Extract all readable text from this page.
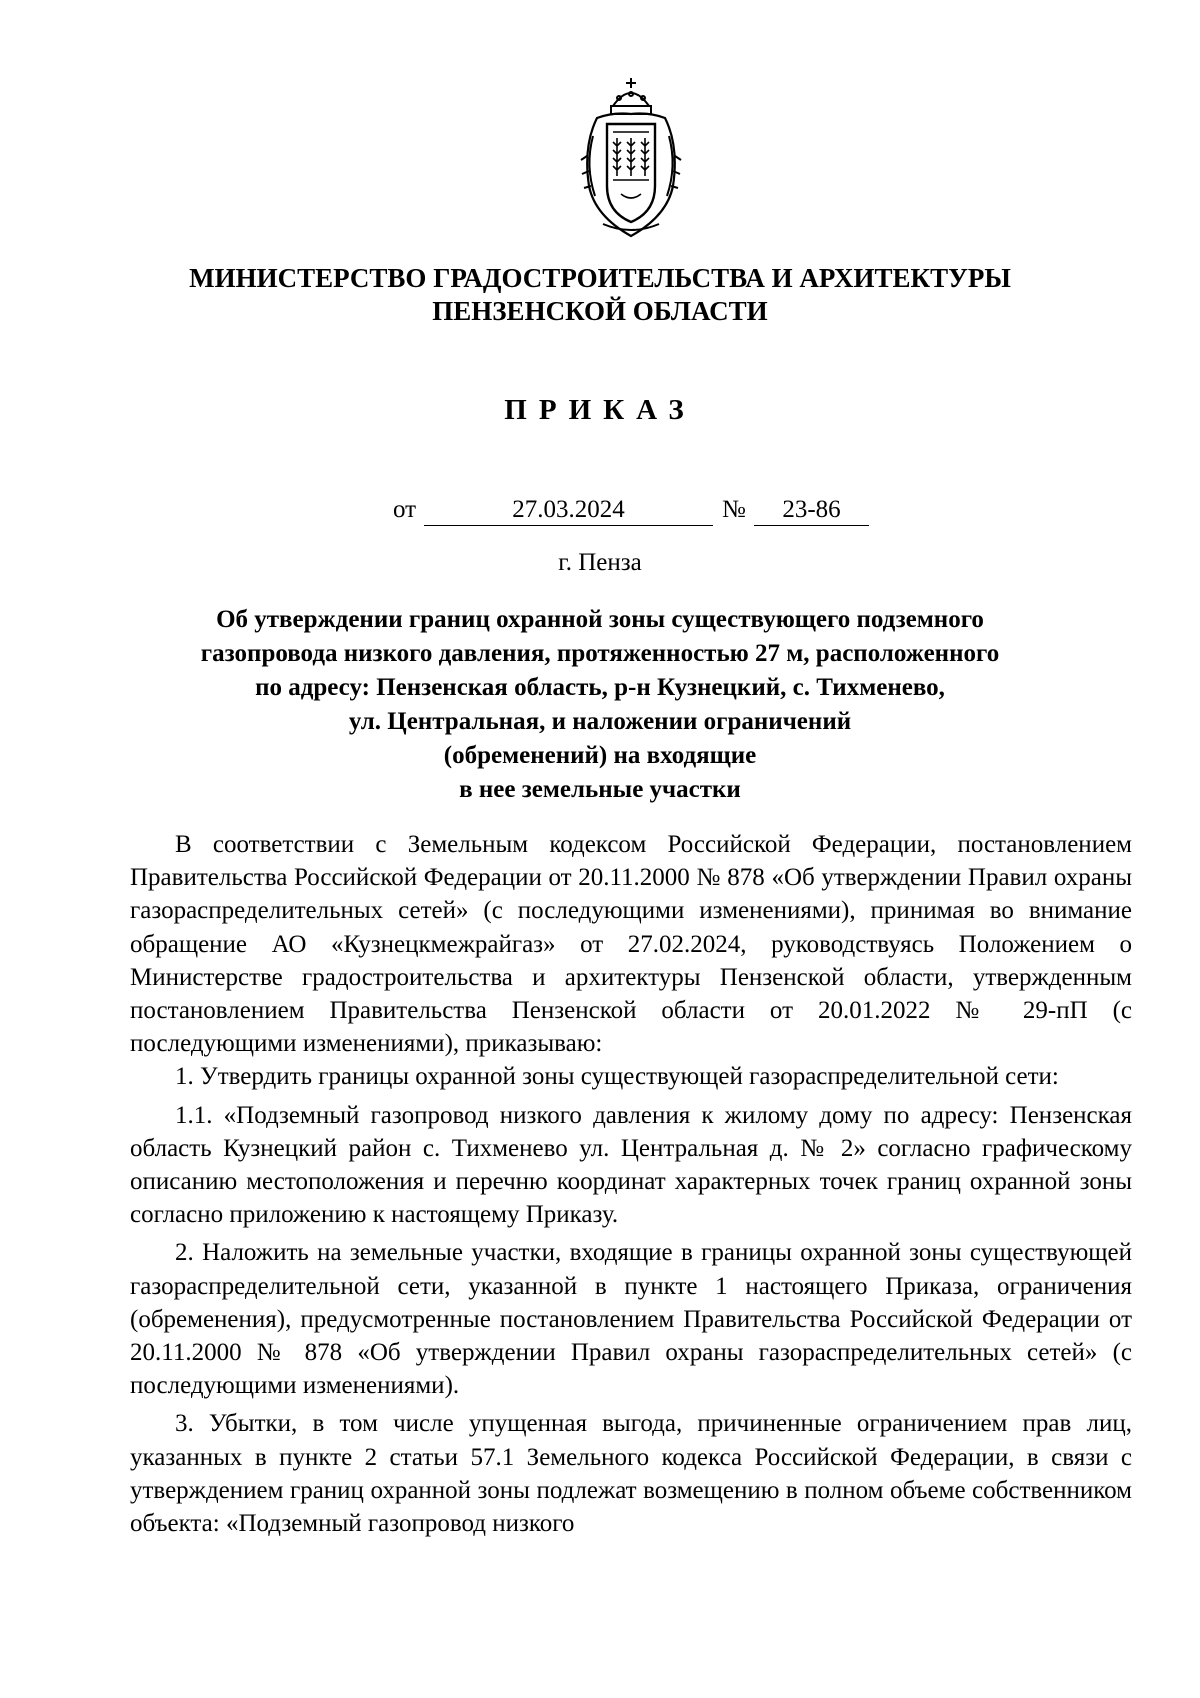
МИНИСТЕРСТВО ГРАДОСТРОИТЕЛЬСТВА И АРХИТЕКТУРЫ
ПЕНЗЕНСКОЙ ОБЛАСТИ
ПРИКАЗ
от	27.03.2024	№	23-86
г. Пенза
Об утверждении границ охранной зоны существующего подземного
газопровода низкого давления, протяженностью 27 м, расположенного
по адресу: Пензенская область, р-н Кузнецкий, с. Тихменево,
ул. Центральная, и наложении ограничений
(обременений) на входящие
в нее земельные участки

В соответствии с Земельным кодексом Российской Федерации, постановлением Правительства Российской Федерации от 20.11.2000 № 878 «Об утверждении Правил охраны газораспределительных сетей» (с последующими изменениями), принимая во внимание обращение АО «Кузнецкмежрайгаз» от 27.02.2024, руководствуясь Положением о Министерстве градостроительства и архитектуры Пензенской области, утвержденным постановлением Правительства Пензенской области от 20.01.2022 № 29-пП (с последующими изменениями), приказываю:

1. Утвердить границы охранной зоны существующей газораспределительной сети:

1.1. «Подземный газопровод низкого давления к жилому дому по адресу: Пензенская область Кузнецкий район с. Тихменево ул. Центральная д. № 2» согласно графическому описанию местоположения и перечню координат характерных точек границ охранной зоны согласно приложению к настоящему Приказу.

2. Наложить на земельные участки, входящие в границы охранной зоны существующей газораспределительной сети, указанной в пункте 1 настоящего Приказа, ограничения (обременения), предусмотренные постановлением Правительства Российской Федерации от 20.11.2000 № 878 «Об утверждении Правил охраны газораспределительных сетей» (с последующими изменениями).

3. Убытки, в том числе упущенная выгода, причиненные ограничением прав лиц, указанных в пункте 2 статьи 57.1 Земельного кодекса Российской Федерации, в связи с утверждением границ охранной зоны подлежат возмещению в полном объеме собственником объекта: «Подземный газопровод низкого
